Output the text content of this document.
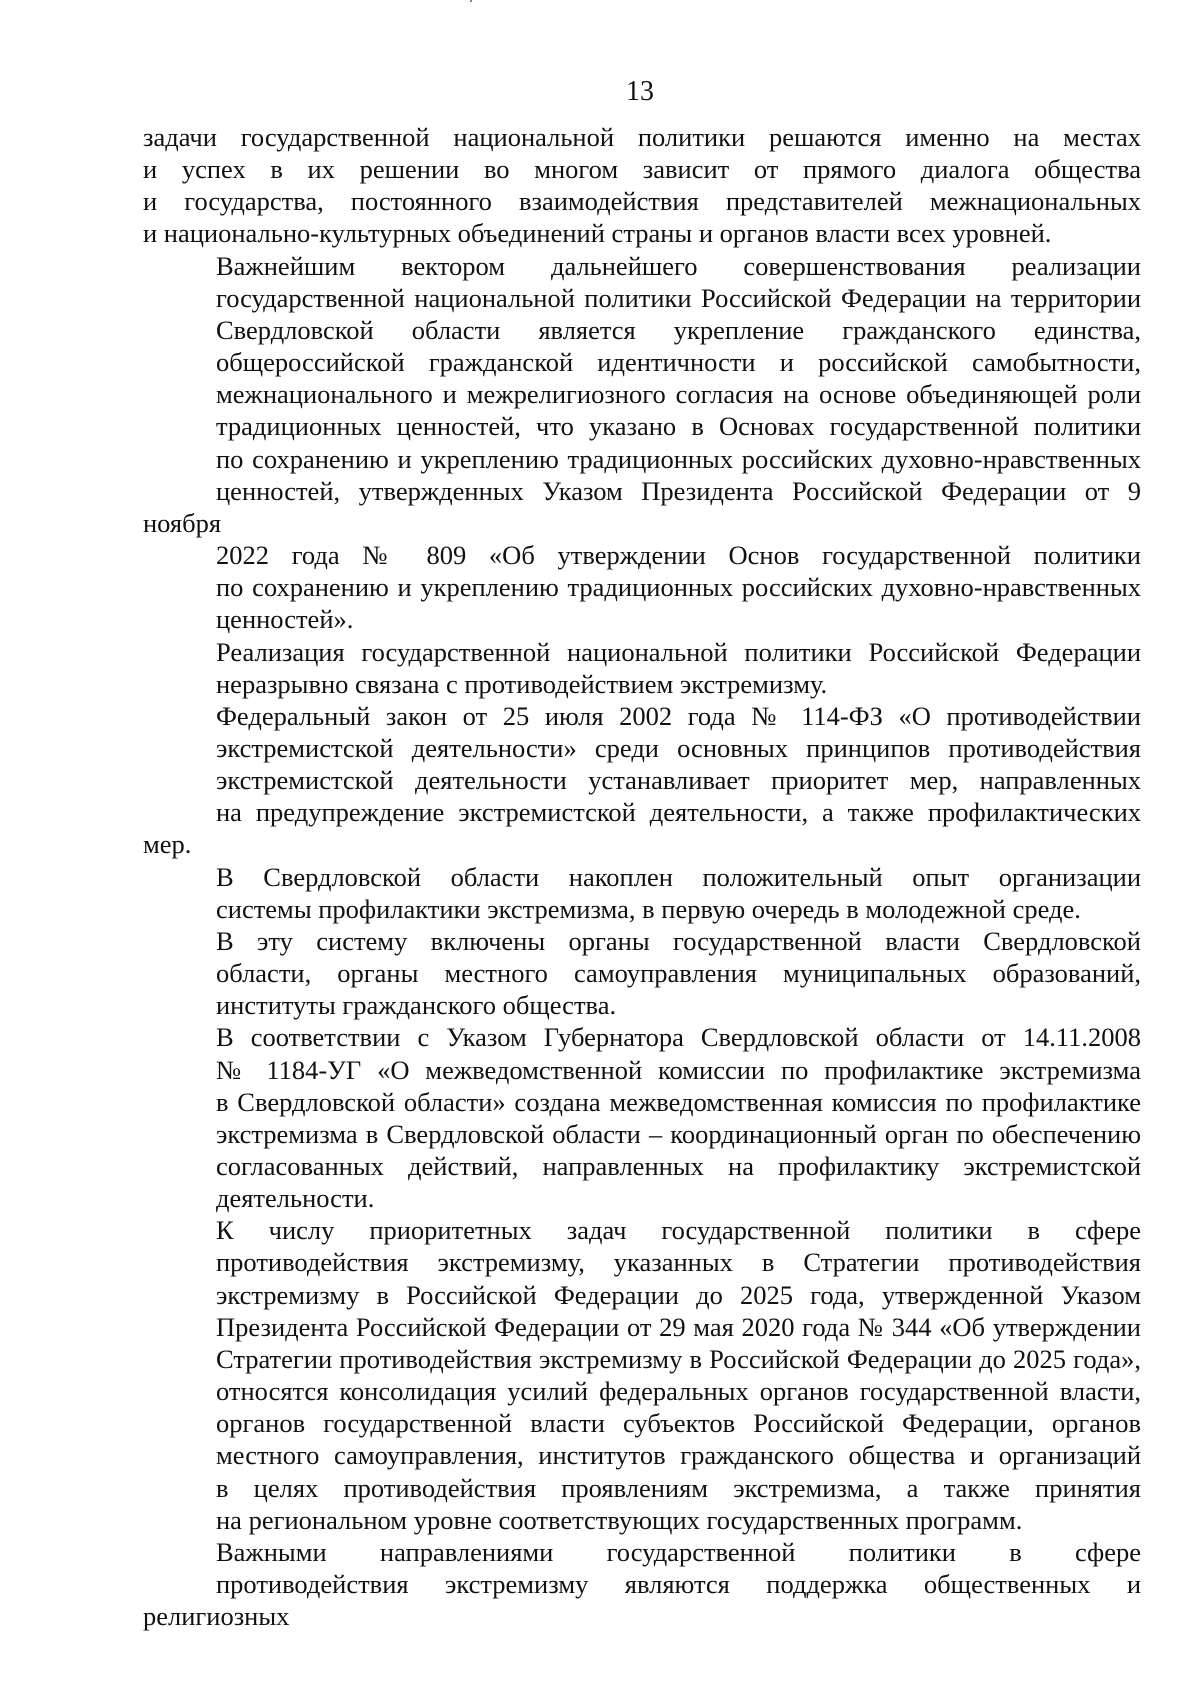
13

задачи государственной национальной политики решаются именно на местах
и успех в их решении во многом зависит от прямого диалога общества
и государства, постоянного взаимодействия представителей межнациональных
и национально-культурных объединений страны и органов власти всех уровней.

Важнейшим вектором дальнейшего совершенствования реализации
государственной национальной политики Российской Федерации на территории
Свердловской области является укрепление гражданского единства,
общероссийской гражданской идентичности и российской самобытности,
межнационального и межрелигиозного согласия на основе объединяющей роли
традиционных ценностей, что указано в Основах государственной политики
по сохранению и укреплению традиционных российских духовно-нравственных
ценностей, утвержденных Указом Президента Российской Федерации от 9 ноября
2022 года № 809 «Об утверждении Основ государственной политики
по сохранению и укреплению традиционных российских духовно-нравственных
ценностей».

Реализация государственной национальной политики Российской Федерации
неразрывно связана с противодействием экстремизму.

Федеральный закон от 25 июля 2002 года № 114-ФЗ «О противодействии
экстремистской деятельности» среди основных принципов противодействия
экстремистской деятельности устанавливает приоритет мер, направленных
на предупреждение экстремистской деятельности, а также профилактических мер.

В Свердловской области накоплен положительный опыт организации
системы профилактики экстремизма, в первую очередь в молодежной среде.

В эту систему включены органы государственной власти Свердловской
области, органы местного самоуправления муниципальных образований,
институты гражданского общества.

В соответствии с Указом Губернатора Свердловской области от 14.11.2008
№ 1184-УГ «О межведомственной комиссии по профилактике экстремизма
в Свердловской области» создана межведомственная комиссия по профилактике
экстремизма в Свердловской области – координационный орган по обеспечению
согласованных действий, направленных на профилактику экстремистской
деятельности.

К числу приоритетных задач государственной политики в сфере
противодействия экстремизму, указанных в Стратегии противодействия
экстремизму в Российской Федерации до 2025 года, утвержденной Указом
Президента Российской Федерации от 29 мая 2020 года № 344 «Об утверждении
Стратегии противодействия экстремизму в Российской Федерации до 2025 года»,
относятся консолидация усилий федеральных органов государственной власти,
органов государственной власти субъектов Российской Федерации, органов
местного самоуправления, институтов гражданского общества и организаций
в целях противодействия проявлениям экстремизма, а также принятия
на региональном уровне соответствующих государственных программ.

Важными направлениями государственной политики в сфере
противодействия экстремизму являются поддержка общественных и религиозных
